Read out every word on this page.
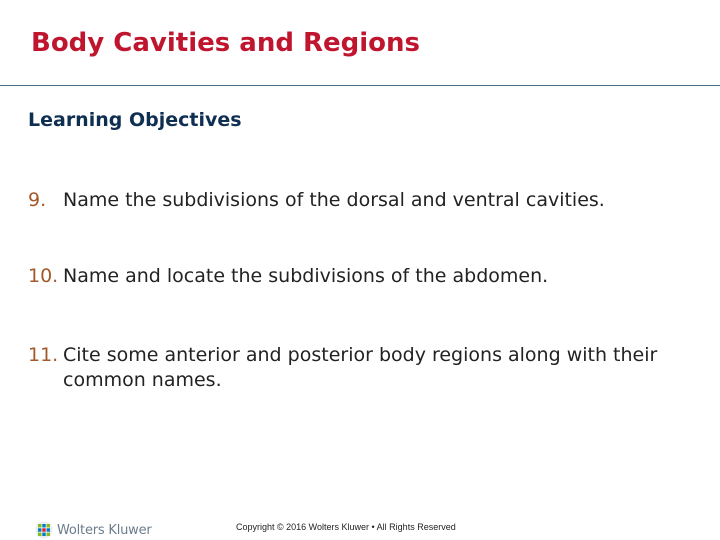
Body Cavities and Regions
Learning Objectives
9. Name the subdivisions of the dorsal and ventral cavities.
10. Name and locate the subdivisions of the abdomen.
11. Cite some anterior and posterior body regions along with their common names.
Wolters Kluwer	Copyright © 2016 Wolters Kluwer • All Rights Reserved
